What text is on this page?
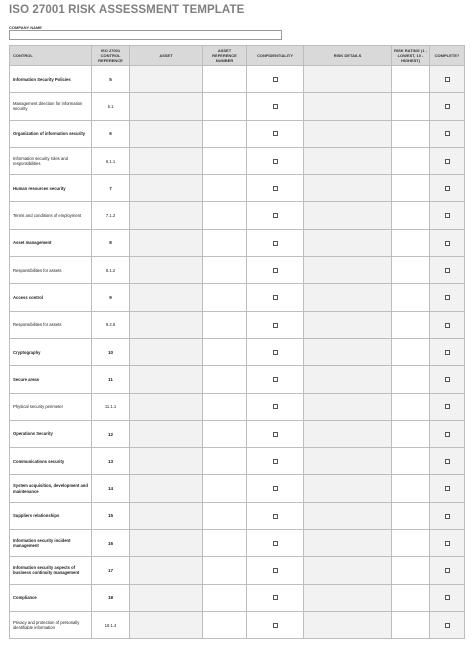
ISO 27001 RISK ASSESSMENT TEMPLATE
COMPANY NAME
CONTROL	ISO 27001 CONTROL REFERENCE	ASSET	ASSET REFERENCE NUMBER	CONFIDENTIALITY	RISK DETAILS	RISK RATING (1 - LOWEST, 10 - HIGHEST)	COMPLETE?
Information Security Policies	5						
Management direction for information security	5.1						
Organization of information security	6						
Information security roles and responsibilities	6.1.1						
Human resources security	7						
Terms and conditions of employment	7.1.2						
Asset management	8						
Responsibilities for assets	8.1.2						
Access control	9						
Responsibilities for assets	9.2.6						
Cryptography	10						
Secure areas	11						
Physical security perimeter	11.1.1						
Operations Security	12						
Communications security	13						
System acquisition, development and maintenance	14						
Suppliers relationships	15						
Information security incident management	16						
Information security aspects of business continuity management	17						
Compliance	18						
Privacy and protection of personally identifiable information	18.1.4						
